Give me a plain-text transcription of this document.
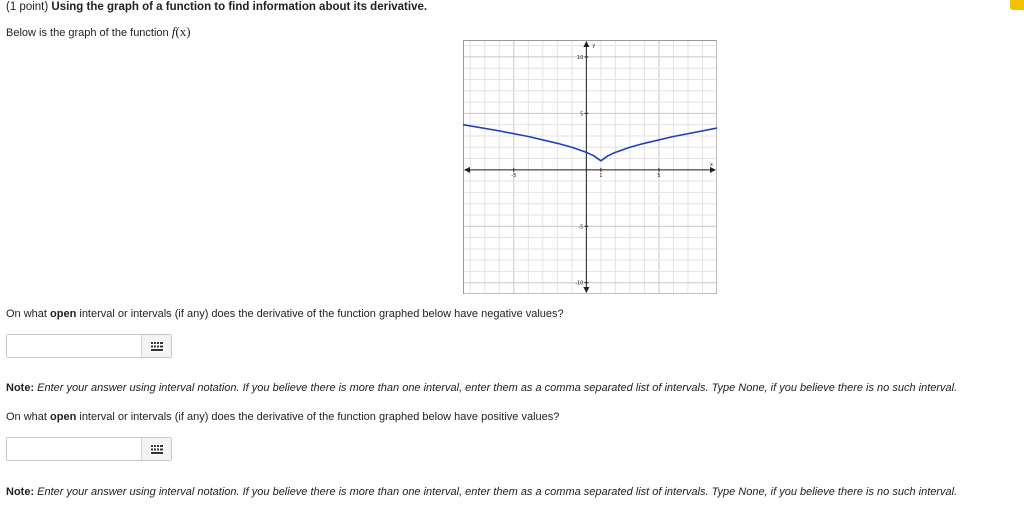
(1 point) Using the graph of a function to find information about its derivative.
Below is the graph of the function f(x)
x
y
-5	1	5
10
5
-5
-10
On what open interval or intervals (if any) does the derivative of the function graphed below have negative values?
Note: Enter your answer using interval notation. If you believe there is more than one interval, enter them as a comma separated list of intervals. Type None, if you believe there is no such interval.
On what open interval or intervals (if any) does the derivative of the function graphed below have positive values?
Note: Enter your answer using interval notation. If you believe there is more than one interval, enter them as a comma separated list of intervals. Type None, if you believe there is no such interval.
